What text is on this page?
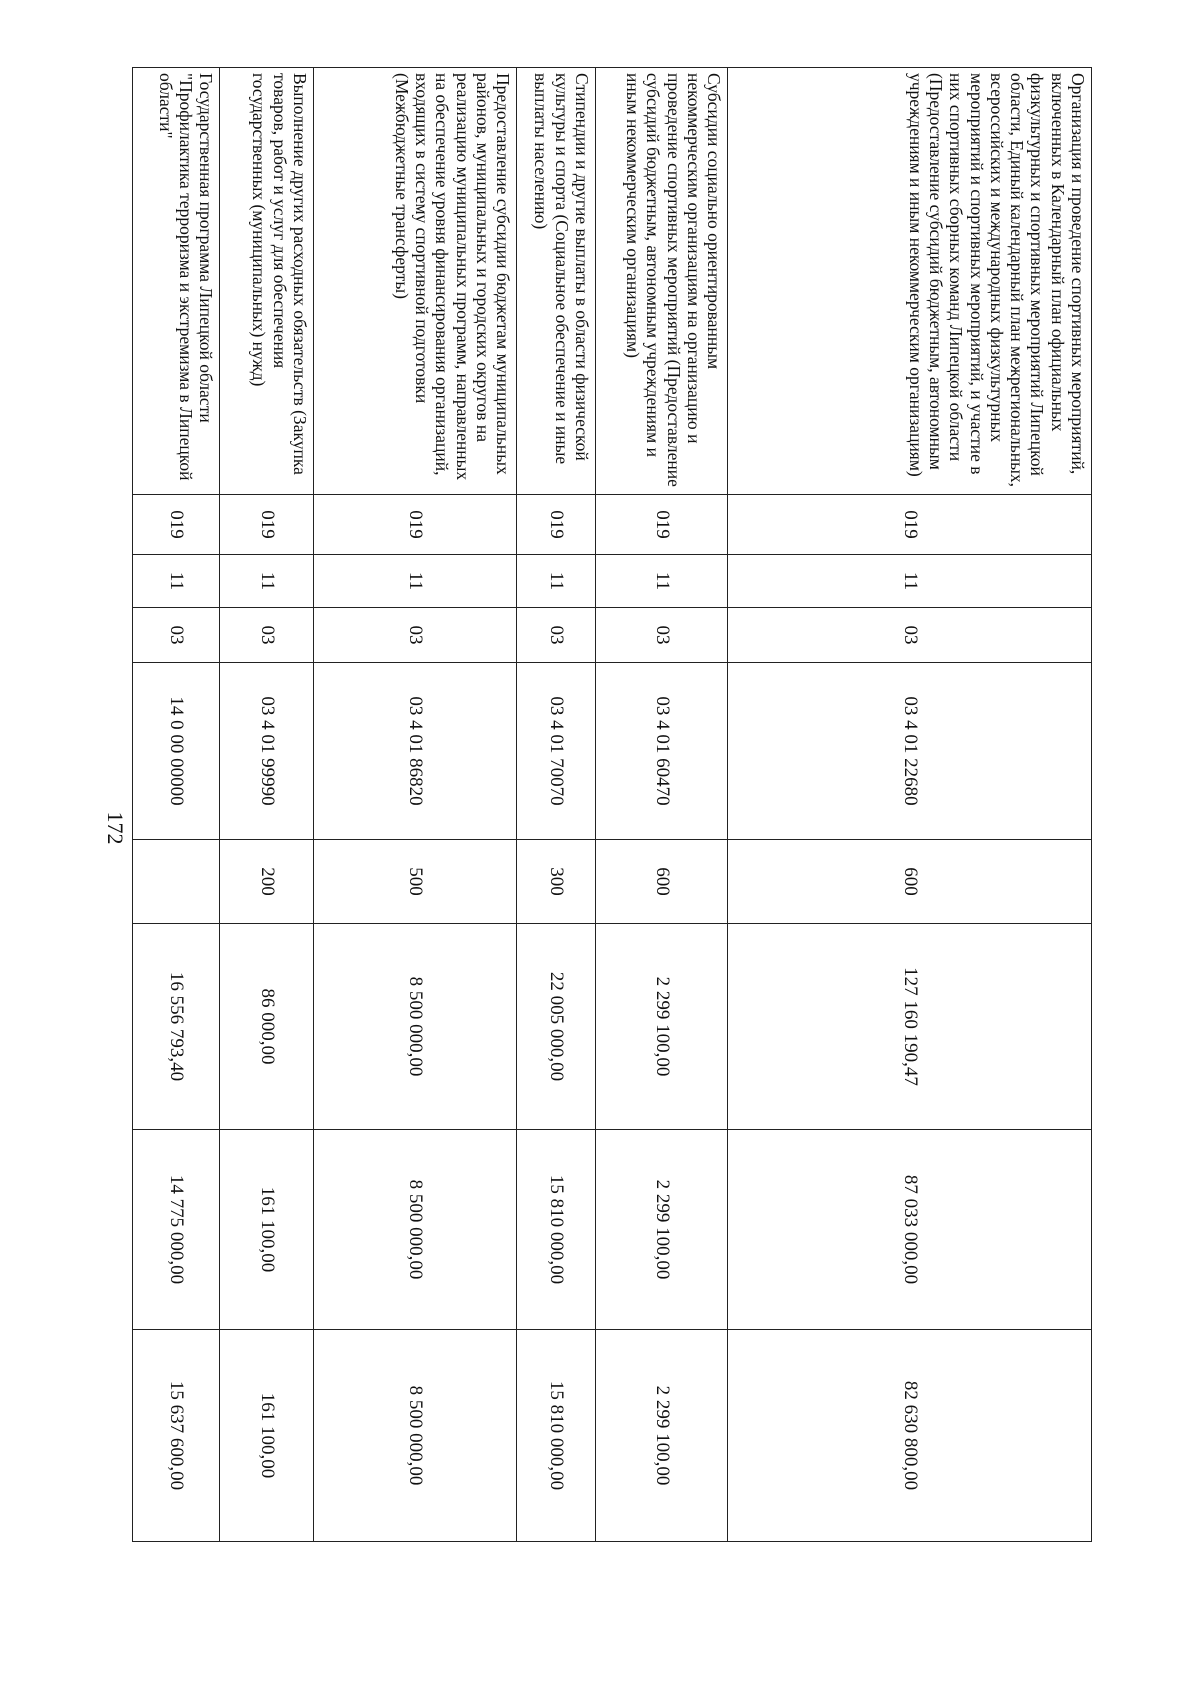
172
Организация и проведение спортивных мероприятий, включенных в Календарный план официальных физкультурных и спортивных мероприятий Липецкой области, Единый календарный план межрегиональных, всероссийских и международных физкультурных мероприятий и спортивных мероприятий, и участие в них спортивных сборных команд Липецкой области (Предоставление субсидий бюджетным, автономным учреждениям и иным некоммерческим организациям)	019	11	03	03 4 01 22680	600	127 160 190,47	87 033 000,00	82 630 800,00
Субсидии социально ориентированным некоммерческим организациям на организацию и проведение спортивных мероприятий (Предоставление субсидий бюджетным, автономным учреждениям и иным некоммерческим организациям)	019	11	03	03 4 01 60470	600	2 299 100,00	2 299 100,00	2 299 100,00
Стипендии и другие выплаты в области физической культуры и спорта (Социальное обеспечение и иные выплаты населению)	019	11	03	03 4 01 70070	300	22 005 000,00	15 810 000,00	15 810 000,00
Предоставление субсидии бюджетам муниципальных районов, муниципальных и городских округов на реализацию муниципальных программ, направленных на обеспечение уровня финансирования организаций, входящих в систему спортивной подготовки (Межбюджетные трансферты)	019	11	03	03 4 01 86820	500	8 500 000,00	8 500 000,00	8 500 000,00
Выполнение других расходных обязательств (Закупка товаров, работ и услуг для обеспечения государственных (муниципальных) нужд)	019	11	03	03 4 01 99990	200	86 000,00	161 100,00	161 100,00
Государственная программа Липецкой области "Профилактика терроризма и экстремизма в Липецкой области"	019	11	03	14 0 00 00000		16 556 793,40	14 775 000,00	15 637 600,00
